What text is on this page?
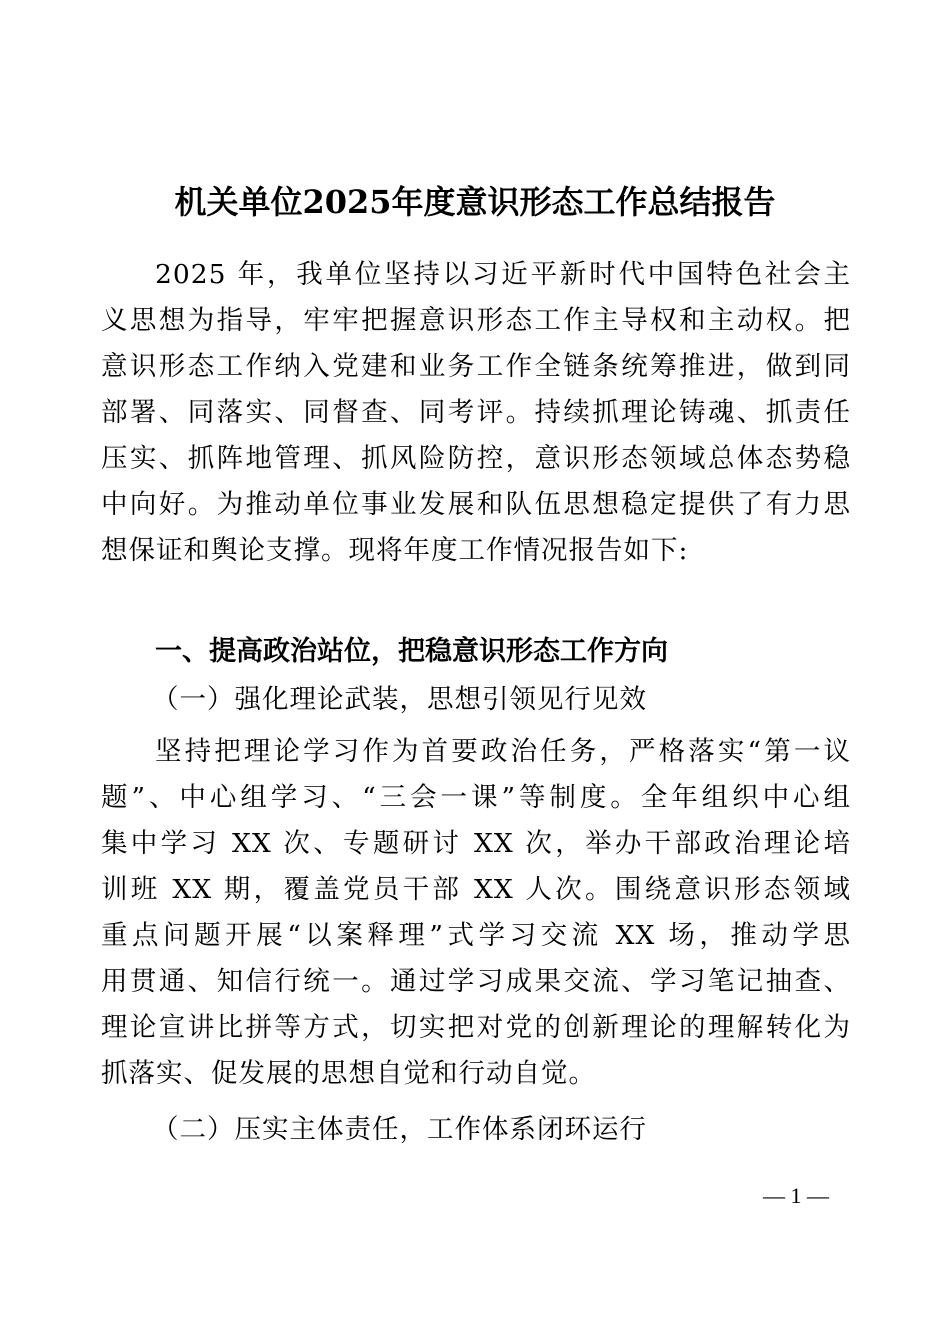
机关单位2025年度意识形态工作总结报告
2025 年，我单位坚持以习近平新时代中国特色社会主
义思想为指导，牢牢把握意识形态工作主导权和主动权。把
意识形态工作纳入党建和业务工作全链条统筹推进，做到同
部署、同落实、同督查、同考评。持续抓理论铸魂、抓责任
压实、抓阵地管理、抓风险防控，意识形态领域总体态势稳
中向好。为推动单位事业发展和队伍思想稳定提供了有力思
想保证和舆论支撑。现将年度工作情况报告如下:
一、提高政治站位，把稳意识形态工作方向
（一）强化理论武装，思想引领见行见效
坚持把理论学习作为首要政治任务，严格落实“第一议
题”、中心组学习、“三会一课”等制度。全年组织中心组
集中学习 XX 次、专题研讨 XX 次，举办干部政治理论培
训班 XX 期，覆盖党员干部 XX 人次。围绕意识形态领域
重点问题开展“以案释理”式学习交流 XX 场，推动学思
用贯通、知信行统一。通过学习成果交流、学习笔记抽查、
理论宣讲比拼等方式，切实把对党的创新理论的理解转化为
抓落实、促发展的思想自觉和行动自觉。
（二）压实主体责任，工作体系闭环运行
— 1 —
